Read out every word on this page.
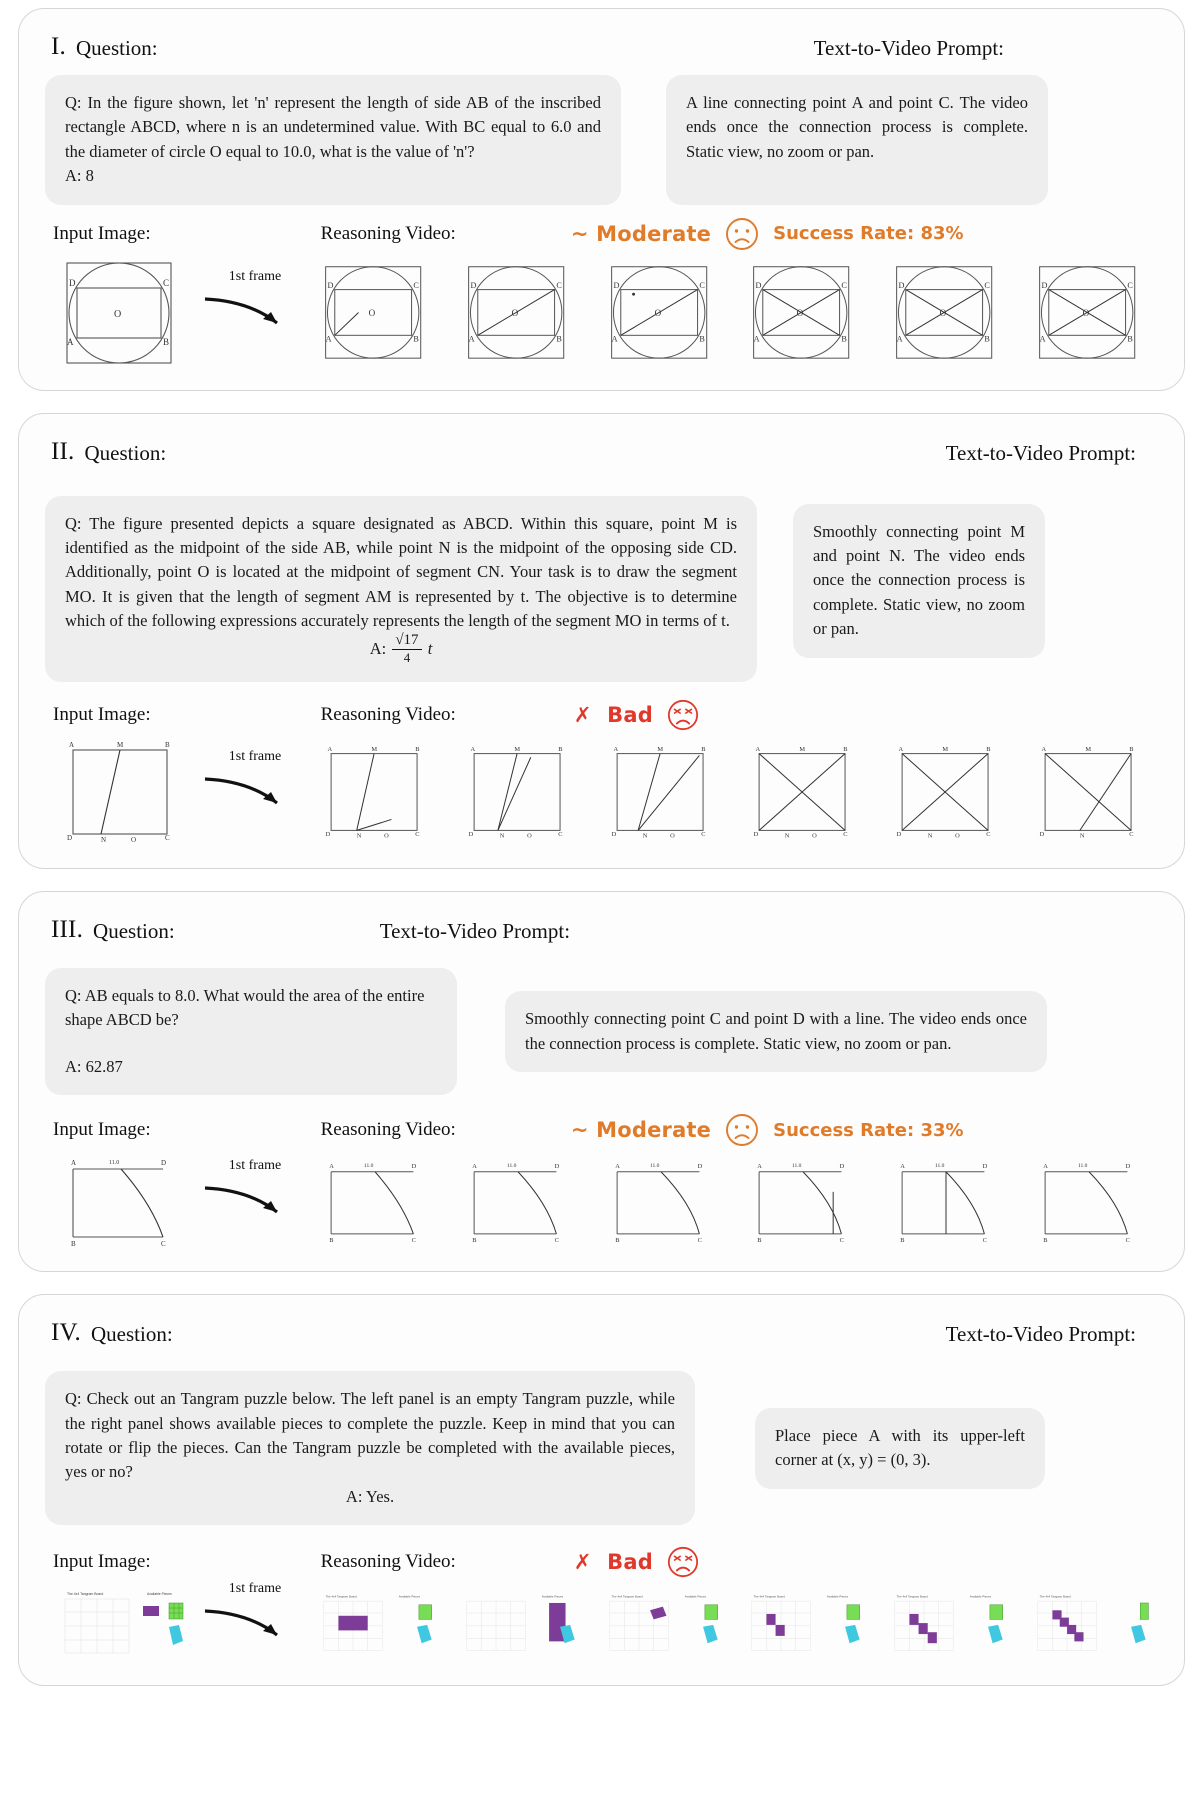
I. Question:	Text-to-Video Prompt:

Q: In the figure shown, let 'n' represent the length of side AB of the inscribed rectangle ABCD, where n is an undetermined value. With BC equal to 6.0 and the diameter of circle O equal to 10.0, what is the value of 'n'?

A: 8

A line connecting point A and point C. The video ends once the connection process is complete. Static view, no zoom or pan.

Input Image:	Reasoning Video:	~ Moderate	Success Rate: 83%
D	C
A	B
O
1st frame
D	C
A	B
O
D	C
A	B
O
D	C
A	B
O
D	C
A	B
O
D	C
A	B
O
D	C
A	B
O
II. Question:	Text-to-Video Prompt:

Q: The figure presented depicts a square designated as ABCD. Within this square, point M is identified as the midpoint of the side AB, while point N is the midpoint of the opposing side CD. Additionally, point O is located at the midpoint of segment CN. Your task is to draw the segment MO. It is given that the length of segment AM is represented by t. The objective is to determine which of the following expressions accurately represents the length of the segment MO in terms of t.

A: $\frac{√17}{4}$ t

Smoothly connecting point M and point N. The video ends once the connection process is complete. Static view, no zoom or pan.

Input Image:	Reasoning Video:	✗ Bad
A	M	B
D	N	O	C
1st frame	A	M	B
D	N	O	C
A	M	B
D	N	O	C
A	M	B
D	N	O	C
A	M	B
D	N	O	C
A	M	B
D	N	O	C
A	M	B
D	N	C
III. Question:	Text-to-Video Prompt:

Q: AB equals to 8.0. What would the area of the entire shape ABCD be?

A: 62.87

Smoothly connecting point C and point D with a line. The video ends once the connection process is complete. Static view, no zoom or pan.

Input Image:	Reasoning Video:	~ Moderate	Success Rate: 33%
A	D
B	C
11.0	1st frame	A	D
B	C
11.0	A	D
B	C
11.0	A	D
B	C
11.0	A	D
B	C
11.0	A	D
B	C
11.0	A	D
B	C
11.0
IV. Question:	Text-to-Video Prompt:

Q: Check out an Tangram puzzle below. The left panel is an empty Tangram puzzle, while the right panel shows available pieces to complete the puzzle. Keep in mind that you can rotate or flip the pieces. Can the Tangram puzzle be completed with the available pieces, yes or no?

A: Yes.

Place piece A with its upper-left corner at (x, y) = (0, 3).

Input Image:	Reasoning Video:	✗ Bad
The 4x4 Tangram Board	Available Pieces	1st frame
The 4x4 Tangram Board	Available Pieces	Available Pieces	The 4x4 Tangram Board	Available Pieces	The 4x4 Tangram Board	Available Pieces	The 4x4 Tangram Board	Available Pieces	The 4x4 Tangram Board
